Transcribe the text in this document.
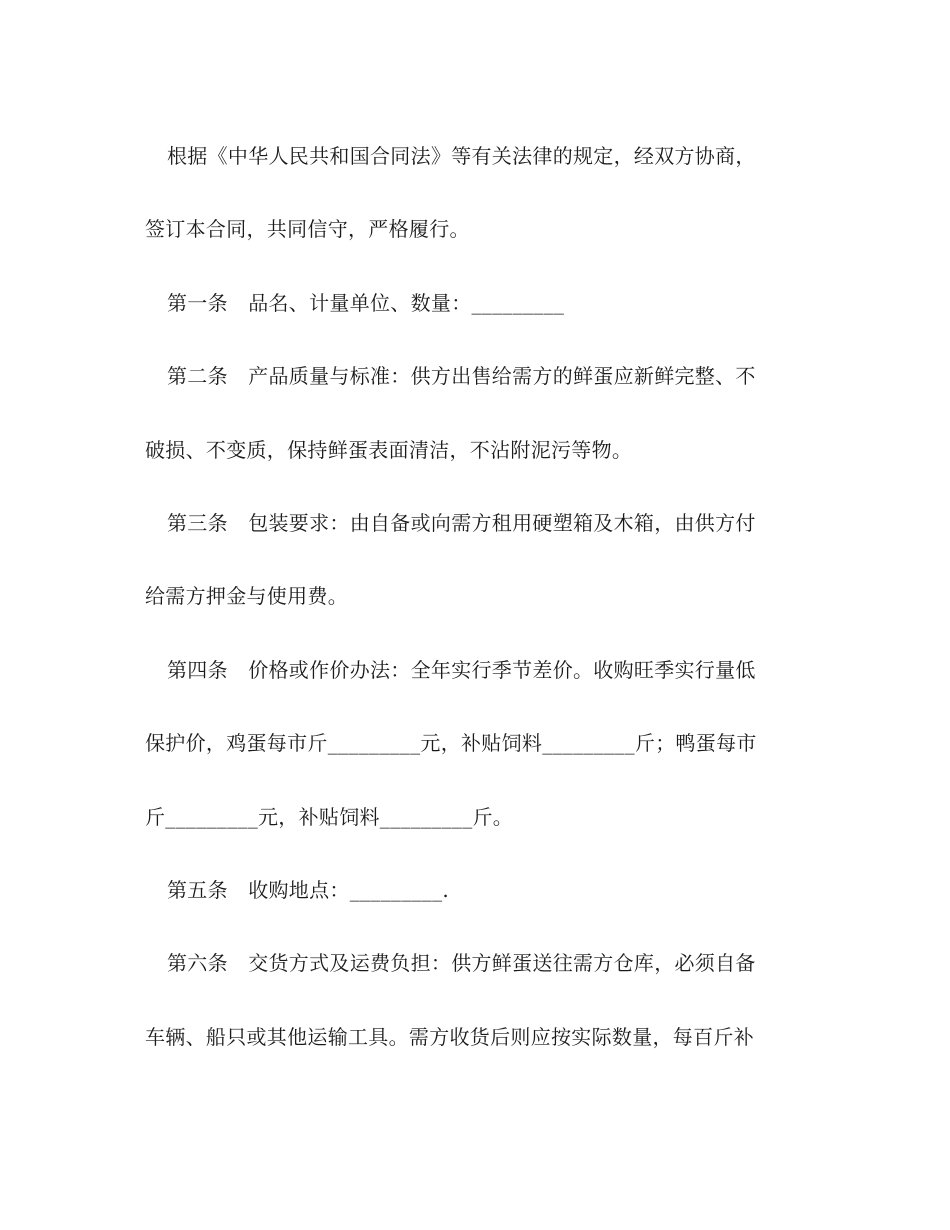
根据《中华人民共和国合同法》等有关法律的规定，经双方协商，
签订本合同，共同信守，严格履行。
第一条　品名、计量单位、数量：_________
第二条　产品质量与标准：供方出售给需方的鲜蛋应新鲜完整、不
破损、不变质，保持鲜蛋表面清洁，不沾附泥污等物。
第三条　包装要求：由自备或向需方租用硬塑箱及木箱，由供方付
给需方押金与使用费。
第四条　价格或作价办法：全年实行季节差价。收购旺季实行量低
保护价，鸡蛋每市斤_________元，补贴饲料_________斤；鸭蛋每市
斤_________元，补贴饲料_________斤。
第五条　收购地点：_________.
第六条　交货方式及运费负担：供方鲜蛋送往需方仓库，必须自备
车辆、船只或其他运输工具。需方收货后则应按实际数量，每百斤补
